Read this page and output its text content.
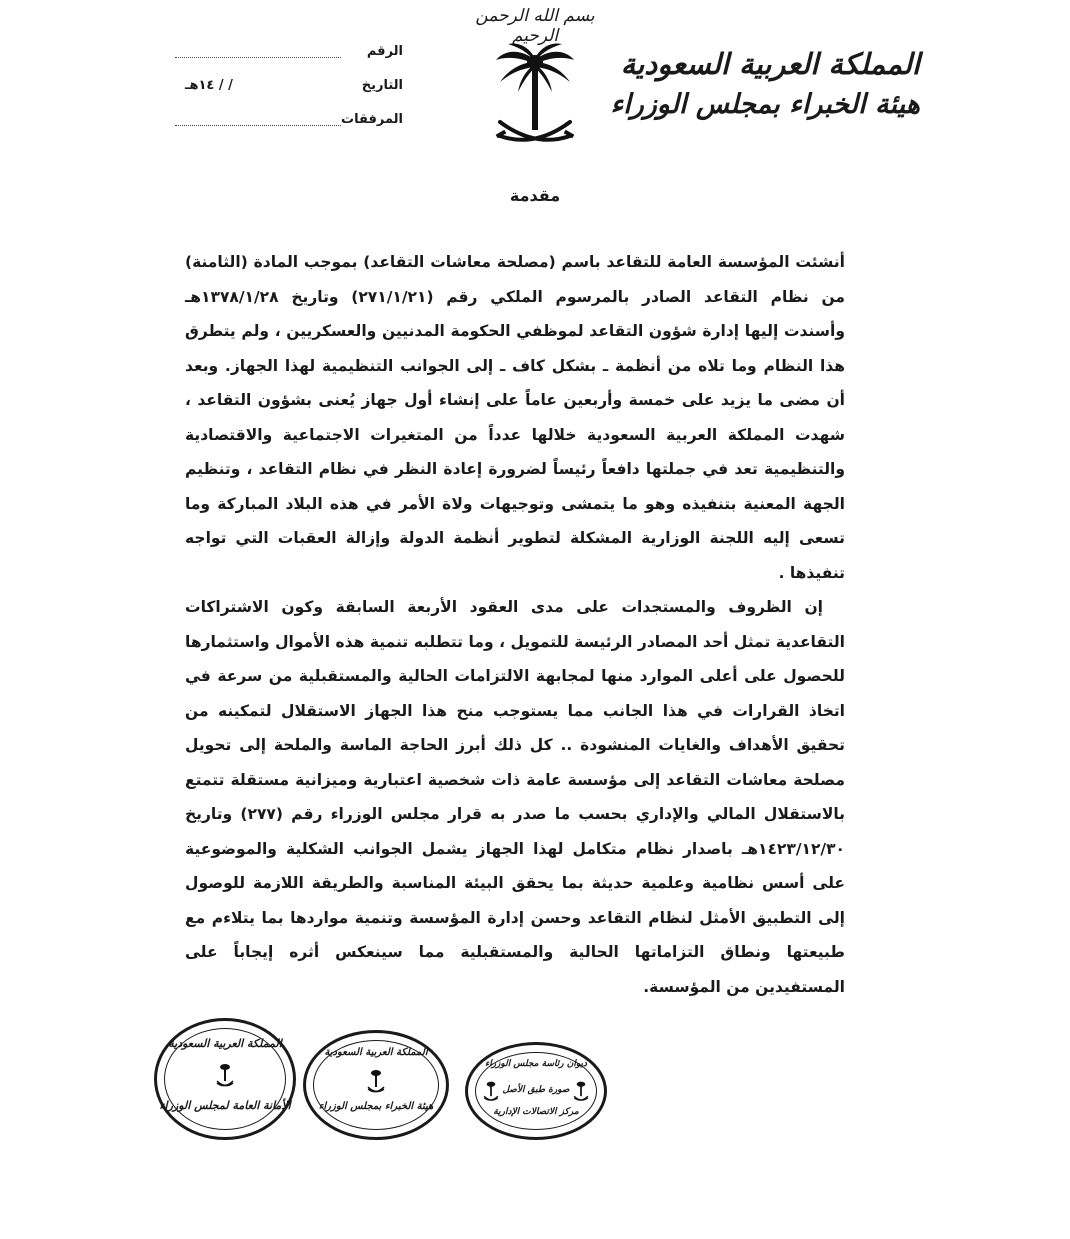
بسم الله الرحمن الرحيم
المملكة العربية السعودية
هيئة الخبراء بمجلس الوزراء
الرقم
التاريخ
/ / ١٤هـ
المرفقات
مقدمة

أنشئت المؤسسة العامة للتقاعد باسم (مصلحة معاشات التقاعد) بموجب المادة (الثامنة) من نظام التقاعد الصادر بالمرسوم الملكي رقم (٢٧١/١/٢١) وتاريخ ١٣٧٨/١/٢٨هـ وأسندت إليها إدارة شؤون التقاعد لموظفي الحكومة المدنيين والعسكريين ، ولم يتطرق هذا النظام وما تلاه من أنظمة ـ بشكل كاف ـ إلى الجوانب التنظيمية لهذا الجهاز. وبعد أن مضى ما يزيد على خمسة وأربعين عاماً على إنشاء أول جهاز يُعنى بشؤون التقاعد ، شهدت المملكة العربية السعودية خلالها عدداً من المتغيرات الاجتماعية والاقتصادية والتنظيمية تعد في جملتها دافعاً رئيساً لضرورة إعادة النظر في نظام التقاعد ، وتنظيم الجهة المعنية بتنفيذه وهو ما يتمشى وتوجيهات ولاة الأمر في هذه البلاد المباركة وما تسعى إليه اللجنة الوزارية المشكلة لتطوير أنظمة الدولة وإزالة العقبات التي تواجه تنفيذها .

إن الظروف والمستجدات على مدى العقود الأربعة السابقة وكون الاشتراكات التقاعدية تمثل أحد المصادر الرئيسة للتمويل ، وما تتطلبه تنمية هذه الأموال واستثمارها للحصول على أعلى الموارد منها لمجابهة الالتزامات الحالية والمستقبلية من سرعة في اتخاذ القرارات في هذا الجانب مما يستوجب منح هذا الجهاز الاستقلال لتمكينه من تحقيق الأهداف والغايات المنشودة .. كل ذلك أبرز الحاجة الماسة والملحة إلى تحويل مصلحة معاشات التقاعد إلى مؤسسة عامة ذات شخصية اعتبارية وميزانية مستقلة تتمتع بالاستقلال المالي والإداري بحسب ما صدر به قرار مجلس الوزراء رقم (٢٧٧) وتاريخ ١٤٢٣/١٢/٣٠هـ باصدار نظام متكامل لهذا الجهاز يشمل الجوانب الشكلية والموضوعية على أسس نظامية وعلمية حديثة بما يحقق البيئة المناسبة والطريقة اللازمة للوصول إلى التطبيق الأمثل لنظام التقاعد وحسن إدارة المؤسسة وتنمية مواردها بما يتلاءم مع طبيعتها ونطاق التزاماتها الحالية والمستقبلية مما سينعكس أثره إيجاباً على المستفيدين من المؤسسة.

المملكة العربية السعودية
الأمانة العامة لمجلس الوزراء
المملكة العربية السعودية
هيئة الخبراء بمجلس الوزراء
ديوان رئاسة مجلس الوزراء
صورة طبق الأصل
مركز الاتصالات الإدارية
